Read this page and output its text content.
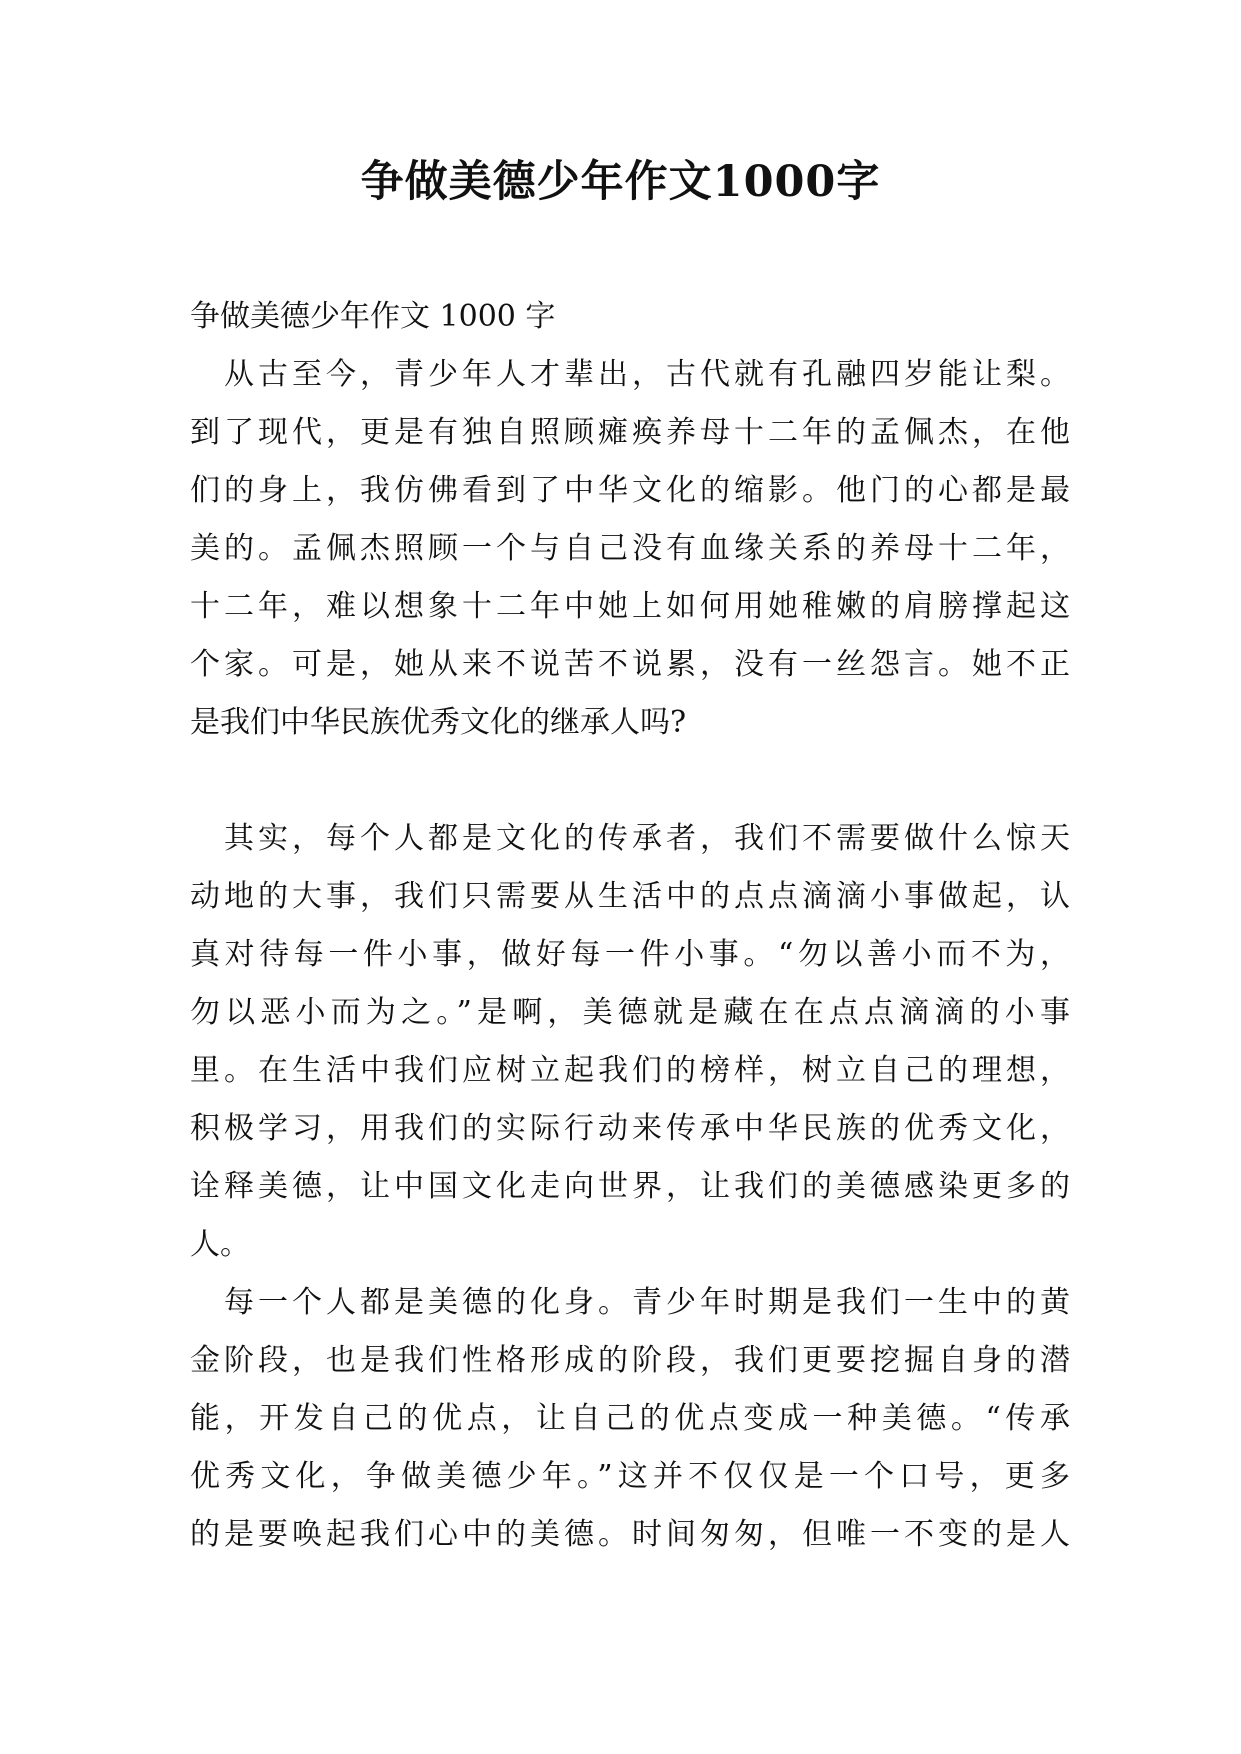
争做美德少年作文1000字
争做美德少年作文 1000 字
　从古至今，青少年人才辈出，古代就有孔融四岁能让梨。
到了现代，更是有独自照顾瘫痪养母十二年的孟佩杰，在他
们的身上，我仿佛看到了中华文化的缩影。他门的心都是最
美的。孟佩杰照顾一个与自己没有血缘关系的养母十二年，
十二年，难以想象十二年中她上如何用她稚嫩的肩膀撑起这
个家。可是，她从来不说苦不说累，没有一丝怨言。她不正
是我们中华民族优秀文化的继承人吗?
　其实，每个人都是文化的传承者，我们不需要做什么惊天
动地的大事，我们只需要从生活中的点点滴滴小事做起，认
真对待每一件小事，做好每一件小事。“勿以善小而不为，
勿以恶小而为之。”是啊，美德就是藏在在点点滴滴的小事
里。在生活中我们应树立起我们的榜样，树立自己的理想，
积极学习，用我们的实际行动来传承中华民族的优秀文化，
诠释美德，让中国文化走向世界，让我们的美德感染更多的
人。
　每一个人都是美德的化身。青少年时期是我们一生中的黄
金阶段，也是我们性格形成的阶段，我们更要挖掘自身的潜
能，开发自己的优点，让自己的优点变成一种美德。“传承
优秀文化，争做美德少年。”这并不仅仅是一个口号，更多
的是要唤起我们心中的美德。时间匆匆，但唯一不变的是人
